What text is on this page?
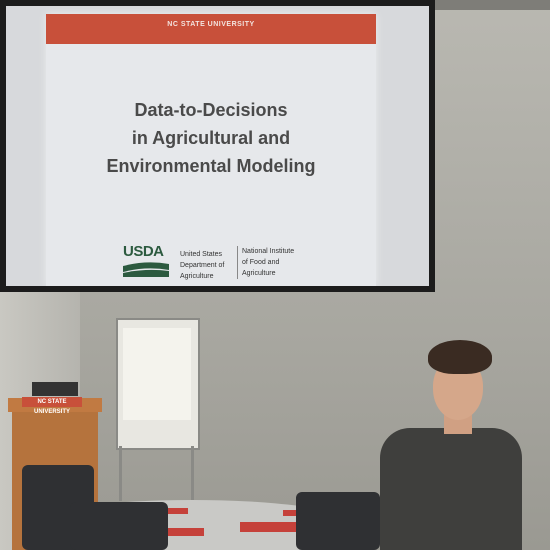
NC STATE UNIVERSITY
Data-to-Decisions
in Agricultural and
Environmental Modeling
USDA United States
Department of
Agriculture
National Institute
of Food and
Agriculture
NC STATE UNIVERSITY
